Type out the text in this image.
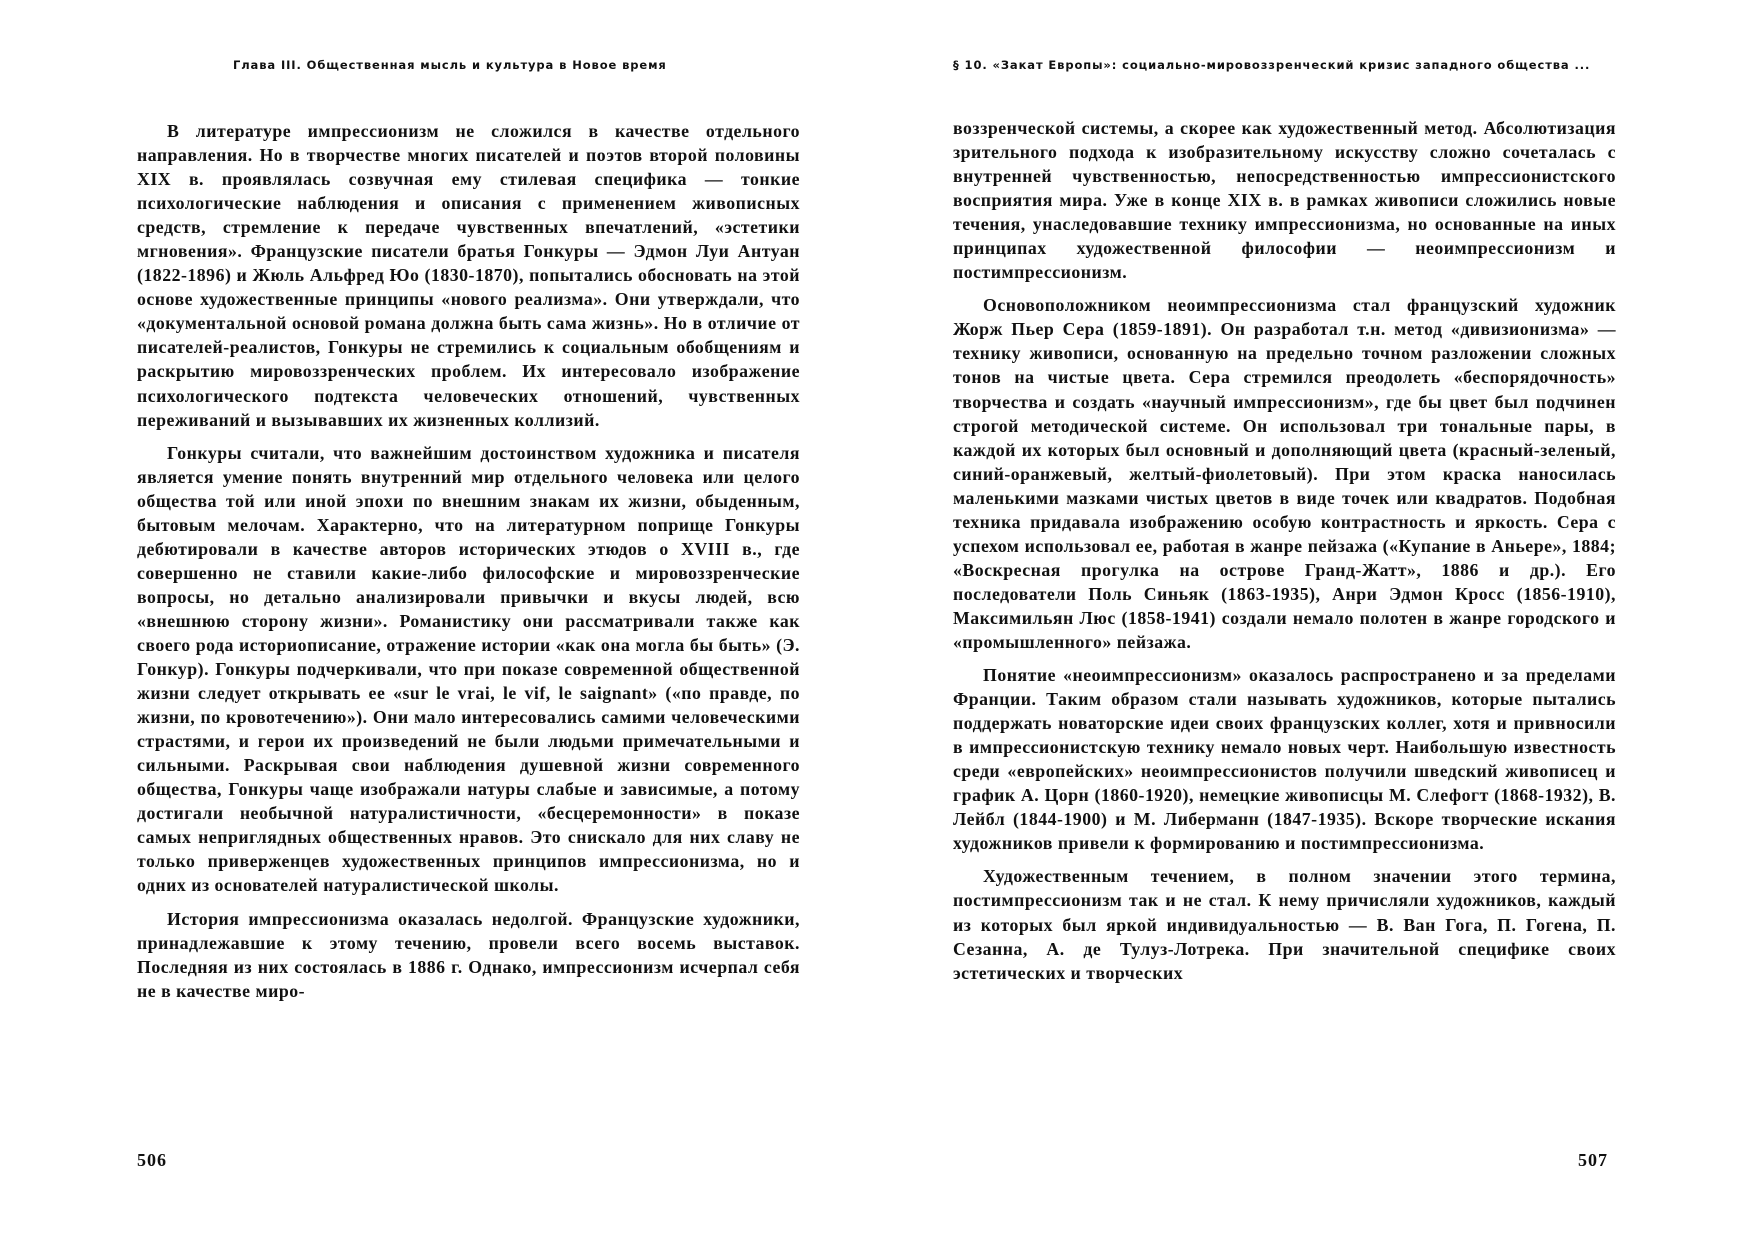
Глава III. Общественная мысль и культура в Новое время

В литературе импрессионизм не сложился в качестве отдельного направления. Но в творчестве многих писателей и поэтов второй половины XIX в. проявлялась созвучная ему стилевая специфика — тонкие психологические наблюдения и описания с применением живописных средств, стремление к передаче чувственных впечатлений, «эстетики мгновения». Французские писатели братья Гонкуры — Эдмон Луи Антуан (1822-1896) и Жюль Альфред Юо (1830-1870), попытались обосновать на этой основе художественные принципы «нового реализма». Они утверждали, что «документальной основой романа должна быть сама жизнь». Но в отличие от писателей-реалистов, Гонкуры не стремились к социальным обобщениям и раскрытию мировоззренческих проблем. Их интересовало изображение психологического подтекста человеческих отношений, чувственных переживаний и вызывавших их жизненных коллизий.

Гонкуры считали, что важнейшим достоинством художника и писателя является умение понять внутренний мир отдельного человека или целого общества той или иной эпохи по внешним знакам их жизни, обыденным, бытовым мелочам. Характерно, что на литературном поприще Гонкуры дебютировали в качестве авторов исторических этюдов о XVIII в., где совершенно не ставили какие-либо философские и мировоззренческие вопросы, но детально анализировали привычки и вкусы людей, всю «внешнюю сторону жизни». Романистику они рассматривали также как своего рода историописание, отражение истории «как она могла бы быть» (Э. Гонкур). Гонкуры подчеркивали, что при показе современной общественной жизни следует открывать ее «sur le vrai, le vif, le saignant» («по правде, по жизни, по кровотечению»). Они мало интересовались самими человеческими страстями, и герои их произведений не были людьми примечательными и сильными. Раскрывая свои наблюдения душевной жизни современного общества, Гонкуры чаще изображали натуры слабые и зависимые, а потому достигали необычной натуралистичности, «бесцеремонности» в показе самых неприглядных общественных нравов. Это снискало для них славу не только приверженцев художественных принципов импрессионизма, но и одних из основателей натуралистической школы.

История импрессионизма оказалась недолгой. Французские художники, принадлежавшие к этому течению, провели всего восемь выставок. Последняя из них состоялась в 1886 г. Однако, импрессионизм исчерпал себя не в качестве миро-

506
§ 10. «Закат Европы»: социально-мировоззренческий кризис западного общества ...

воззренческой системы, а скорее как художественный метод. Абсолютизация зрительного подхода к изобразительному искусству сложно сочеталась с внутренней чувственностью, непосредственностью импрессионистского восприятия мира. Уже в конце XIX в. в рамках живописи сложились новые течения, унаследовавшие технику импрессионизма, но основанные на иных принципах художественной философии — неоимпрессионизм и постимпрессионизм.

Основоположником неоимпрессионизма стал французский художник Жорж Пьер Сера (1859-1891). Он разработал т.н. метод «дивизионизма» — технику живописи, основанную на предельно точном разложении сложных тонов на чистые цвета. Сера стремился преодолеть «беспорядочность» творчества и создать «научный импрессионизм», где бы цвет был подчинен строгой методической системе. Он использовал три тональные пары, в каждой их которых был основный и дополняющий цвета (красный-зеленый, синий-оранжевый, желтый-фиолетовый). При этом краска наносилась маленькими мазками чистых цветов в виде точек или квадратов. Подобная техника придавала изображению особую контрастность и яркость. Сера с успехом использовал ее, работая в жанре пейзажа («Купание в Аньере», 1884; «Воскресная прогулка на острове Гранд-Жатт», 1886 и др.). Его последователи Поль Синьяк (1863-1935), Анри Эдмон Кросс (1856-1910), Максимильян Люс (1858-1941) создали немало полотен в жанре городского и «промышленного» пейзажа.

Понятие «неоимпрессионизм» оказалось распространено и за пределами Франции. Таким образом стали называть художников, которые пытались поддержать новаторские идеи своих французских коллег, хотя и привносили в импрессионистскую технику немало новых черт. Наибольшую известность среди «европейских» неоимпрессионистов получили шведский живописец и график А. Цорн (1860-1920), немецкие живописцы М. Слефогт (1868-1932), В. Лейбл (1844-1900) и М. Либерманн (1847-1935). Вскоре творческие искания художников привели к формированию и постимпрессионизма.

Художественным течением, в полном значении этого термина, постимпрессионизм так и не стал. К нему причисляли художников, каждый из которых был яркой индивидуальностью — В. Ван Гога, П. Гогена, П. Сезанна, А. де Тулуз-Лотрека. При значительной специфике своих эстетических и творческих

507
